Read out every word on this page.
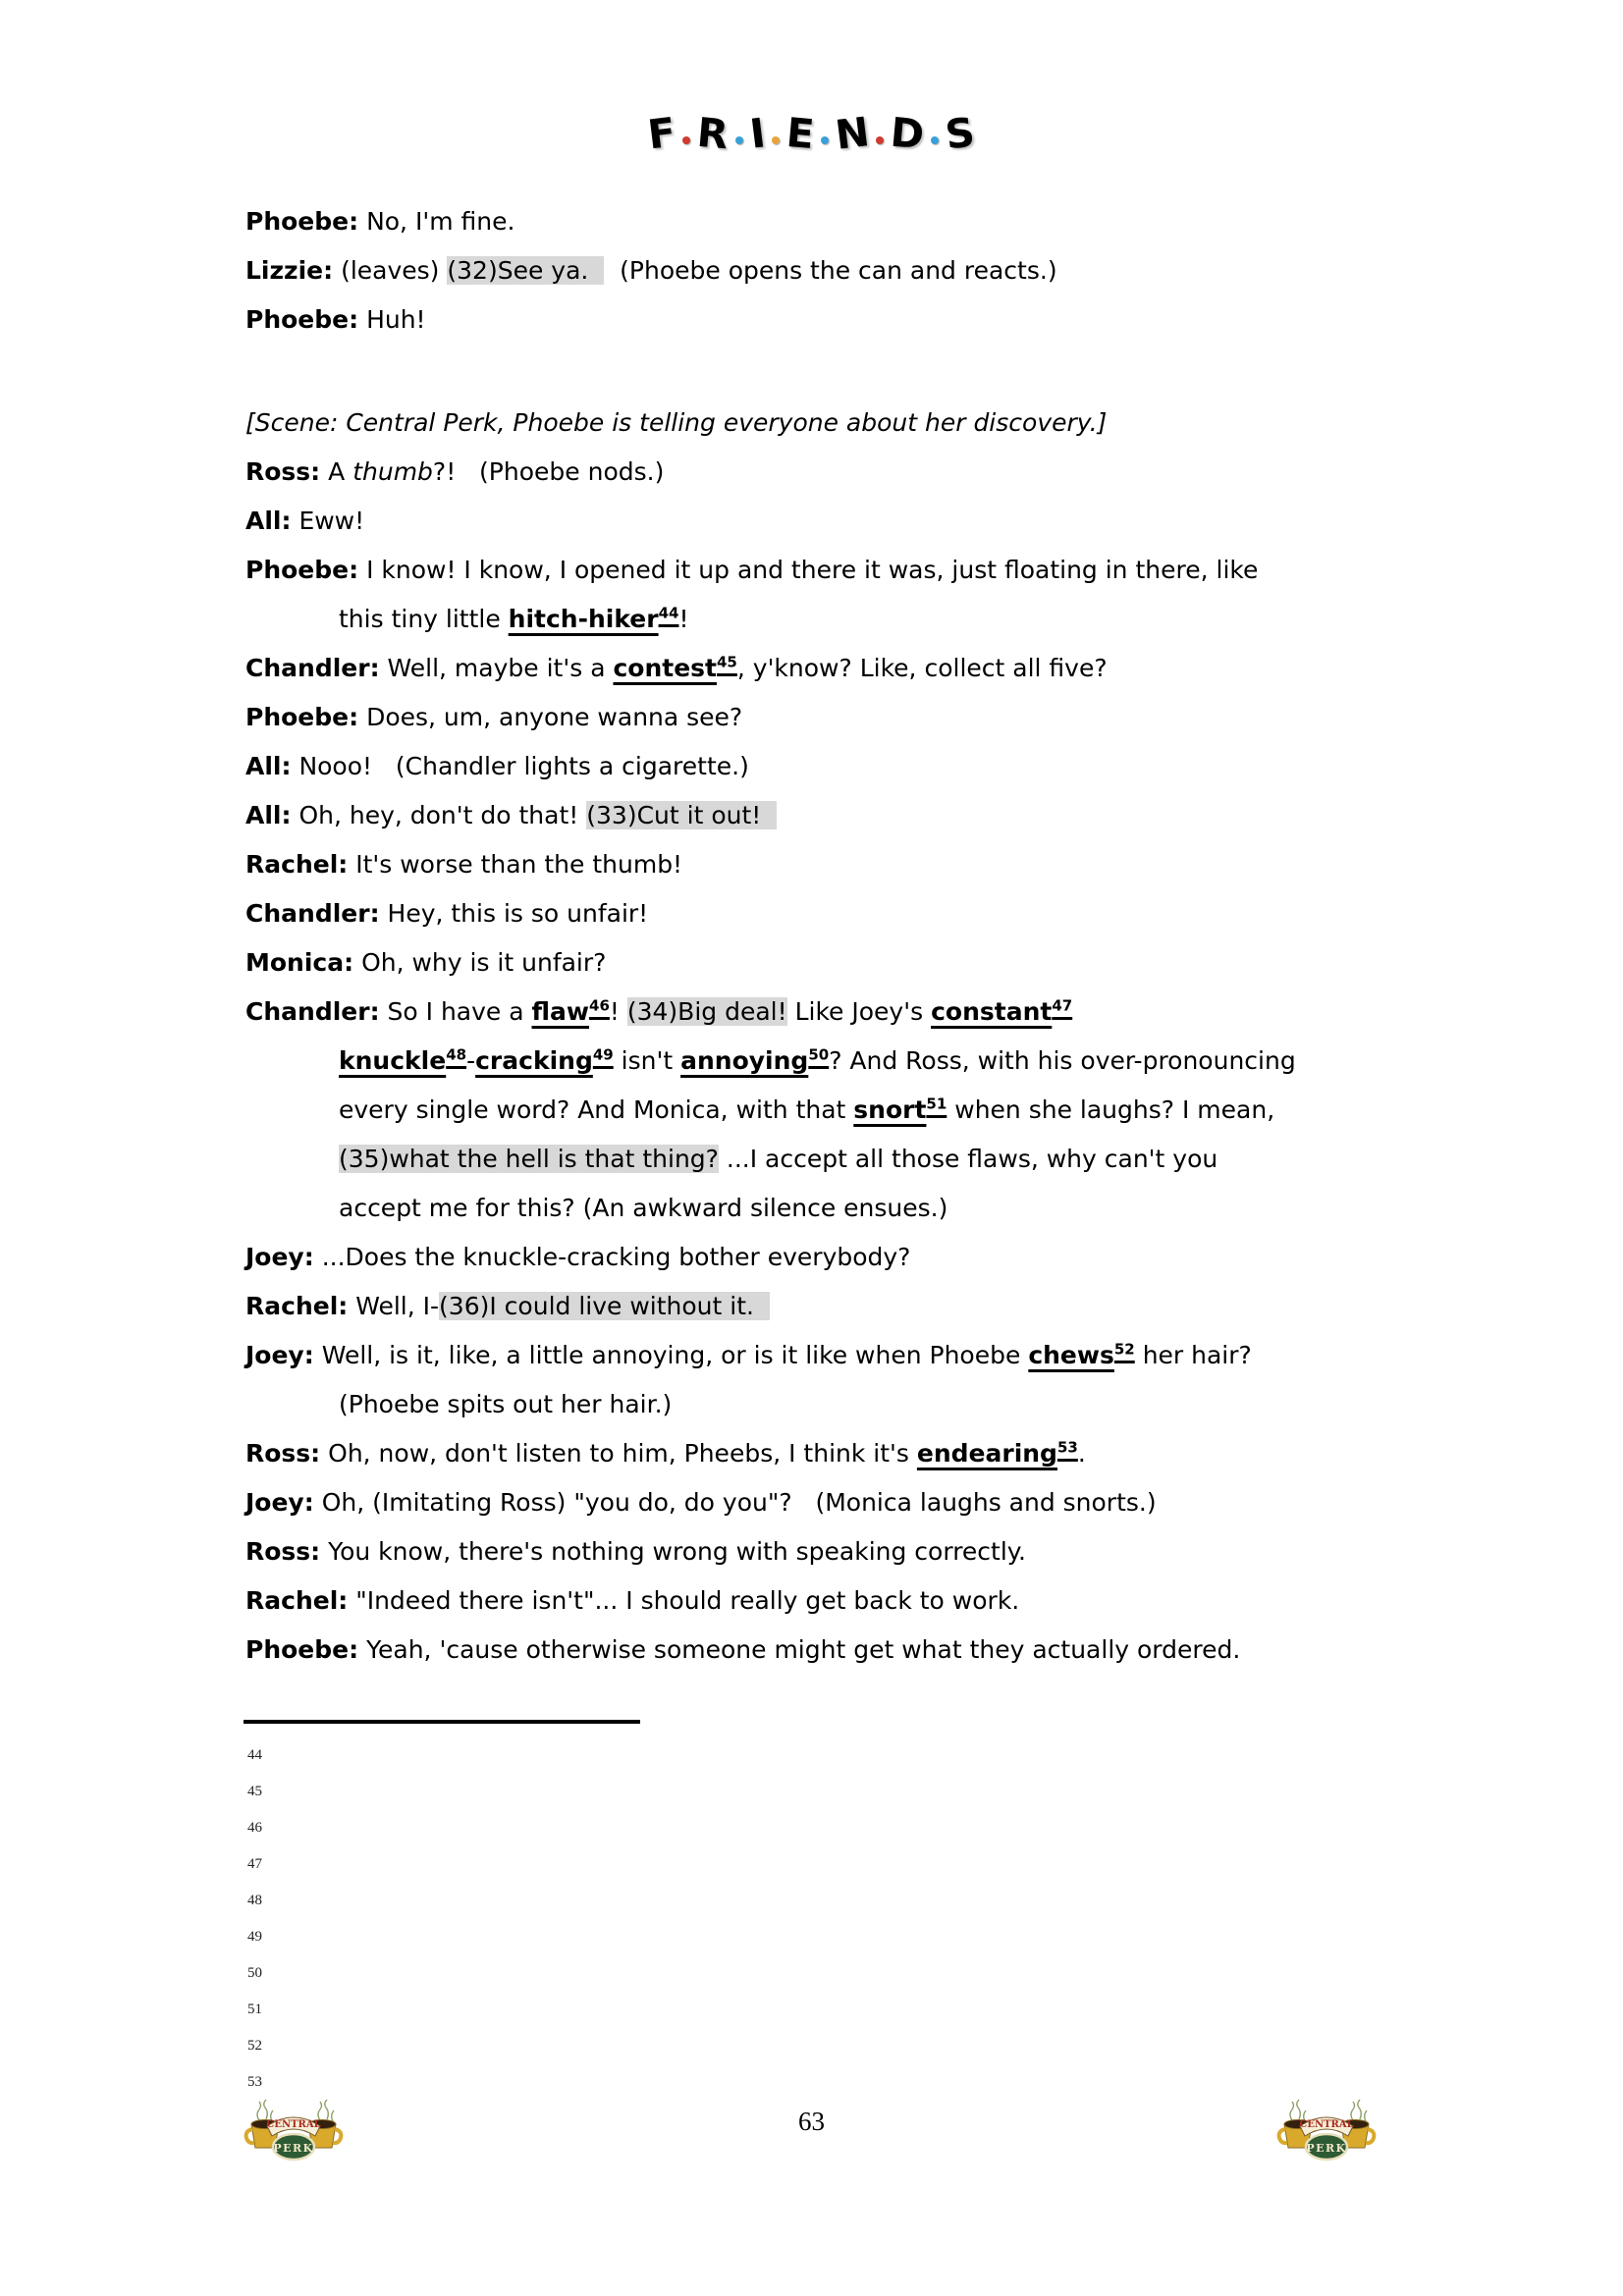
F R I E N D S
Phoebe: No, I'm fine.
Lizzie: (leaves) (32)See ya.    (Phoebe opens the can and reacts.)
Phoebe: Huh!
[Scene: Central Perk, Phoebe is telling everyone about her discovery.]
Ross: A thumb?!   (Phoebe nods.)
All: Eww!
Phoebe: I know! I know, I opened it up and there it was, just floating in there, like
this tiny little hitch-hiker$^{44}$!
Chandler: Well, maybe it's a contest$^{45}$, y'know? Like, collect all five?
Phoebe: Does, um, anyone wanna see?
All: Nooo!   (Chandler lights a cigarette.)
All: Oh, hey, don't do that! (33)Cut it out!
Rachel: It's worse than the thumb!
Chandler: Hey, this is so unfair!
Monica: Oh, why is it unfair?
Chandler: So I have a flaw$^{46}$! (34)Big deal! Like Joey's constant$^{47}$
knuckle$^{48}$-cracking$^{49}$ isn't annoying$^{50}$? And Ross, with his over-pronouncing
every single word? And Monica, with that snort$^{51}$ when she laughs? I mean,
(35)what the hell is that thing? ...I accept all those flaws, why can't you
accept me for this? (An awkward silence ensues.)
Joey: ...Does the knuckle-cracking bother everybody?
Rachel: Well, I-(36)I could live without it.
Joey: Well, is it, like, a little annoying, or is it like when Phoebe chews$^{52}$ her hair?
(Phoebe spits out her hair.)
Ross: Oh, now, don't listen to him, Pheebs, I think it's endearing$^{53}$.
Joey: Oh, (Imitating Ross) "you do, do you"?   (Monica laughs and snorts.)
Ross: You know, there's nothing wrong with speaking correctly.
Rachel: "Indeed there isn't"... I should really get back to work.
Phoebe: Yeah, 'cause otherwise someone might get what they actually ordered.
44
45
46
47
48
49
50
51
52
53
63
CENTRAL
PERK
CENTRAL
PERK
